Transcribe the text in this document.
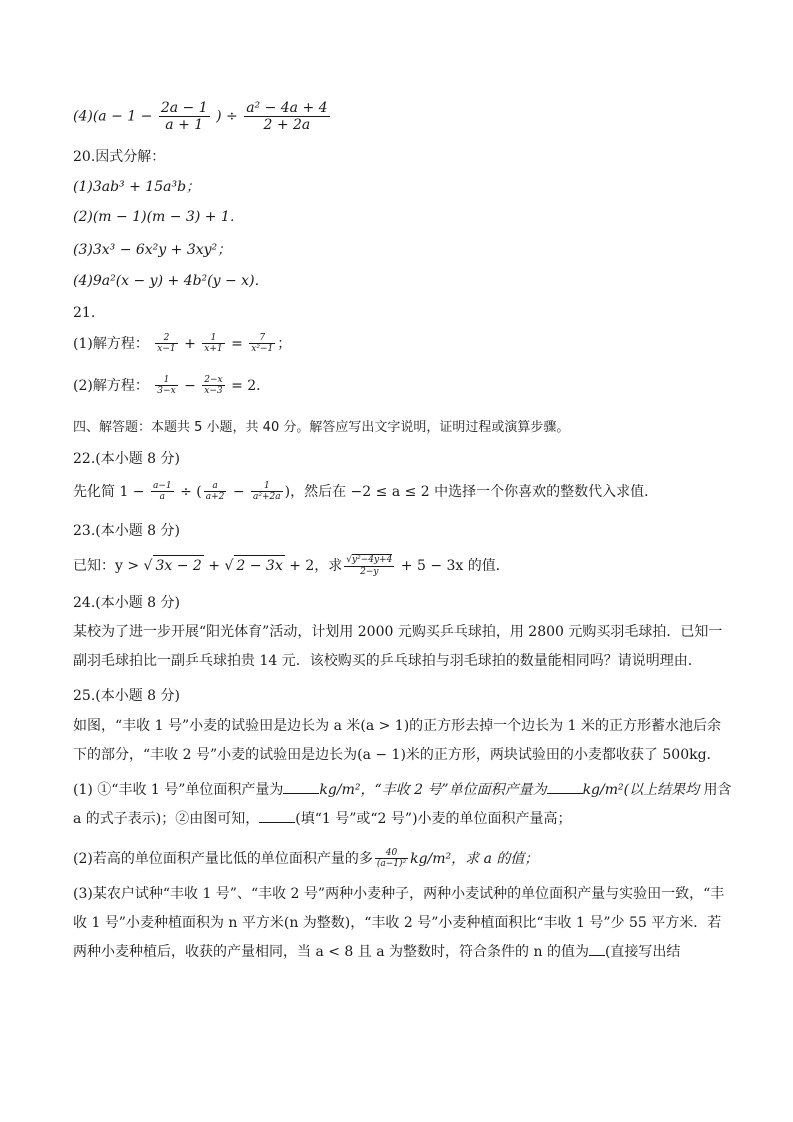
$(4)(a - 1 - \frac{2a - 1}{a + 1}$ ) ÷ $\frac{\text{a² − 4a + 4}}{2 + 2a}$
20.因式分解：
(1)3ab³ + 15a³b；
(2)(m − 1)(m − 3) + 1．
(3)3x³ − 6x²y + 3xy²；
(4)9a²(x − y) + 4b²(y − x)．
21.
(1)解方程： $\frac{2}{x-1} + \frac{1}{x+1} = \frac{7}{\text{x²−1}}$ ；
(2)解方程： $\frac{1}{3-x} - \frac{2-x}{x-3} = 2$．
四、解答题：本题共 5 小题，共 40 分。解答应写出文字说明，证明过程或演算步骤。
22.(本小题 8 分)
先化简 $1 - \frac{a-1}{a}$ ÷ ( $\frac{a}{a+2} - \frac{1}{\text{a²+2a}}$ )，然后在 −2 ≤ a ≤ 2 中选择一个你喜欢的整数代入求值．
23.(本小题 8 分)
已知：y > √ 3x − 2 + √ 2 − 3x + 2，求 $\frac{\text{√y²−4y+4}}{2-y} + 5 - 3x$ 的值．
24.(本小题 8 分)
某校为了进一步开展“阳光体育”活动，计划用 2000 元购买乒乓球拍，用 2800 元购买羽毛球拍．已知一副羽毛球拍比一副乒乓球拍贵 14 元．该校购买的乒乓球拍与羽毛球拍的数量能相同吗？请说明理由．
25.(本小题 8 分)
如图，“丰收 1 号”小麦的试验田是边长为 a 米(a > 1)的正方形去掉一个边长为 1 米的正方形蓄水池后余下的部分，“丰收 2 号”小麦的试验田是边长为(a − 1)米的正方形，两块试验田的小麦都收获了 500kg．
(1) ①“丰收 1 号”单位面积产量为	kg/m²，“丰收 2 号”单位面积产量为	kg/m²(以上结果均 用含 a 的式子表示)；②由图可知，	(填“1 号”或“2 号”)小麦的单位面积产量高；
(2)若高的单位面积产量比低的单位面积产量的多 $\frac{40}{\text{(a−1)²}} kg/m^2$，求 a 的值；
(3)某农户试种“丰收 1 号”、“丰收 2 号”两种小麦种子，两种小麦试种的单位面积产量与实验田一致，“丰收 1 号”小麦种植面积为 n 平方米(n 为整数)，“丰收 2 号”小麦种植面积比“丰收 1 号”少 55 平方米．若两种小麦种植后，收获的产量相同，当 a < 8 且 a 为整数时，符合条件的 n 的值为 (直接写出结
